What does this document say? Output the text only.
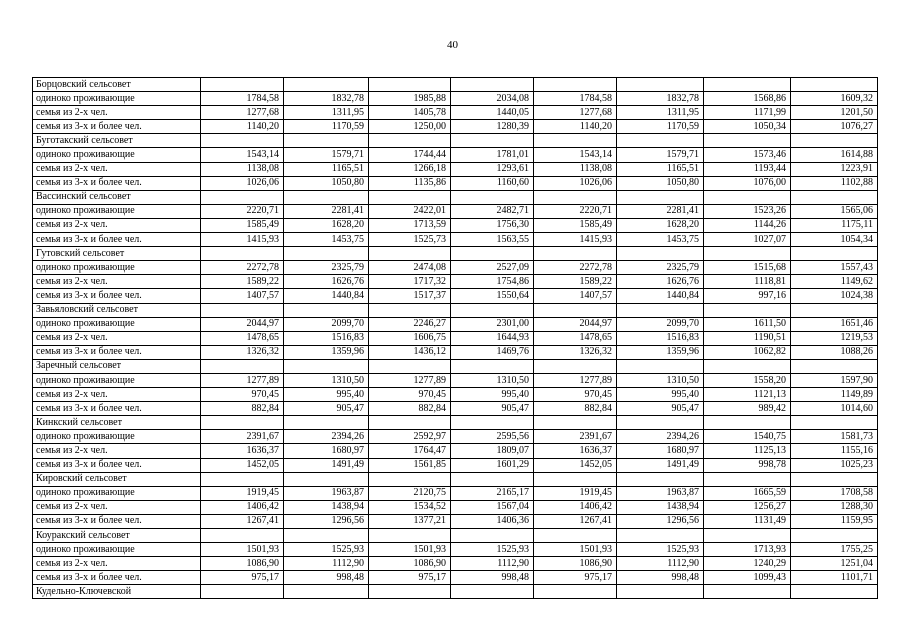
40
Борцовский сельсовет								
одиноко проживающие	1784,58	1832,78	1985,88	2034,08	1784,58	1832,78	1568,86	1609,32
семья из 2-х чел.	1277,68	1311,95	1405,78	1440,05	1277,68	1311,95	1171,99	1201,50
семья из 3-х и более чел.	1140,20	1170,59	1250,00	1280,39	1140,20	1170,59	1050,34	1076,27
Буготакский сельсовет								
одиноко проживающие	1543,14	1579,71	1744,44	1781,01	1543,14	1579,71	1573,46	1614,88
семья из 2-х чел.	1138,08	1165,51	1266,18	1293,61	1138,08	1165,51	1193,44	1223,91
семья из 3-х и более чел.	1026,06	1050,80	1135,86	1160,60	1026,06	1050,80	1076,00	1102,88
Вассинский сельсовет								
одиноко проживающие	2220,71	2281,41	2422,01	2482,71	2220,71	2281,41	1523,26	1565,06
семья из 2-х чел.	1585,49	1628,20	1713,59	1756,30	1585,49	1628,20	1144,26	1175,11
семья из 3-х и более чел.	1415,93	1453,75	1525,73	1563,55	1415,93	1453,75	1027,07	1054,34
Гутовский сельсовет								
одиноко проживающие	2272,78	2325,79	2474,08	2527,09	2272,78	2325,79	1515,68	1557,43
семья из 2-х чел.	1589,22	1626,76	1717,32	1754,86	1589,22	1626,76	1118,81	1149,62
семья из 3-х и более чел.	1407,57	1440,84	1517,37	1550,64	1407,57	1440,84	997,16	1024,38
Завьяловский сельсовет								
одиноко проживающие	2044,97	2099,70	2246,27	2301,00	2044,97	2099,70	1611,50	1651,46
семья из 2-х чел.	1478,65	1516,83	1606,75	1644,93	1478,65	1516,83	1190,51	1219,53
семья из 3-х и более чел.	1326,32	1359,96	1436,12	1469,76	1326,32	1359,96	1062,82	1088,26
Заречный сельсовет								
одиноко проживающие	1277,89	1310,50	1277,89	1310,50	1277,89	1310,50	1558,20	1597,90
семья из 2-х чел.	970,45	995,40	970,45	995,40	970,45	995,40	1121,13	1149,89
семья из 3-х и более чел.	882,84	905,47	882,84	905,47	882,84	905,47	989,42	1014,60
Кинкский сельсовет								
одиноко проживающие	2391,67	2394,26	2592,97	2595,56	2391,67	2394,26	1540,75	1581,73
семья из 2-х чел.	1636,37	1680,97	1764,47	1809,07	1636,37	1680,97	1125,13	1155,16
семья из 3-х и более чел.	1452,05	1491,49	1561,85	1601,29	1452,05	1491,49	998,78	1025,23
Кировский сельсовет								
одиноко проживающие	1919,45	1963,87	2120,75	2165,17	1919,45	1963,87	1665,59	1708,58
семья из 2-х чел.	1406,42	1438,94	1534,52	1567,04	1406,42	1438,94	1256,27	1288,30
семья из 3-х и более чел.	1267,41	1296,56	1377,21	1406,36	1267,41	1296,56	1131,49	1159,95
Коуракский сельсовет								
одиноко проживающие	1501,93	1525,93	1501,93	1525,93	1501,93	1525,93	1713,93	1755,25
семья из 2-х чел.	1086,90	1112,90	1086,90	1112,90	1086,90	1112,90	1240,29	1251,04
семья из 3-х и более чел.	975,17	998,48	975,17	998,48	975,17	998,48	1099,43	1101,71
Кудельно-Ключевской								
